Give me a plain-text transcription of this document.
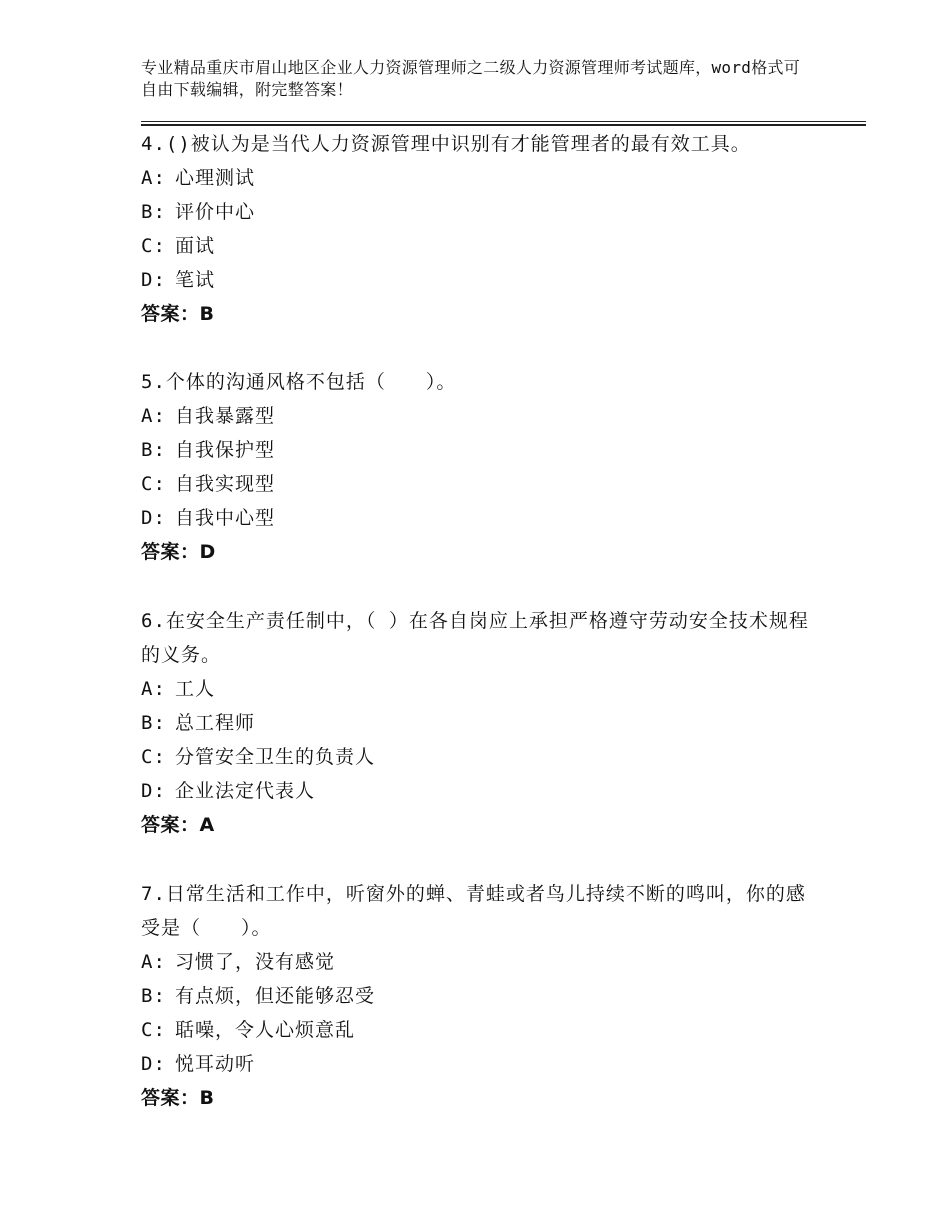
专业精品重庆市眉山地区企业人力资源管理师之二级人力资源管理师考试题库，word格式可自由下载编辑，附完整答案！
4.()被认为是当代人力资源管理中识别有才能管理者的最有效工具。
A: 心理测试
B: 评价中心
C: 面试
D: 笔试
答案：B
5.个体的沟通风格不包括（　　）。
A: 自我暴露型
B: 自我保护型
C: 自我实现型
D: 自我中心型
答案：D
6.在安全生产责任制中，（ ）在各自岗应上承担严格遵守劳动安全技术规程的义务。
A: 工人
B: 总工程师
C: 分管安全卫生的负责人
D: 企业法定代表人
答案：A
7.日常生活和工作中，听窗外的蝉、青蛙或者鸟儿持续不断的鸣叫，你的感受是（　　）。
A: 习惯了，没有感觉
B: 有点烦，但还能够忍受
C: 聒噪，令人心烦意乱
D: 悦耳动听
答案：B
